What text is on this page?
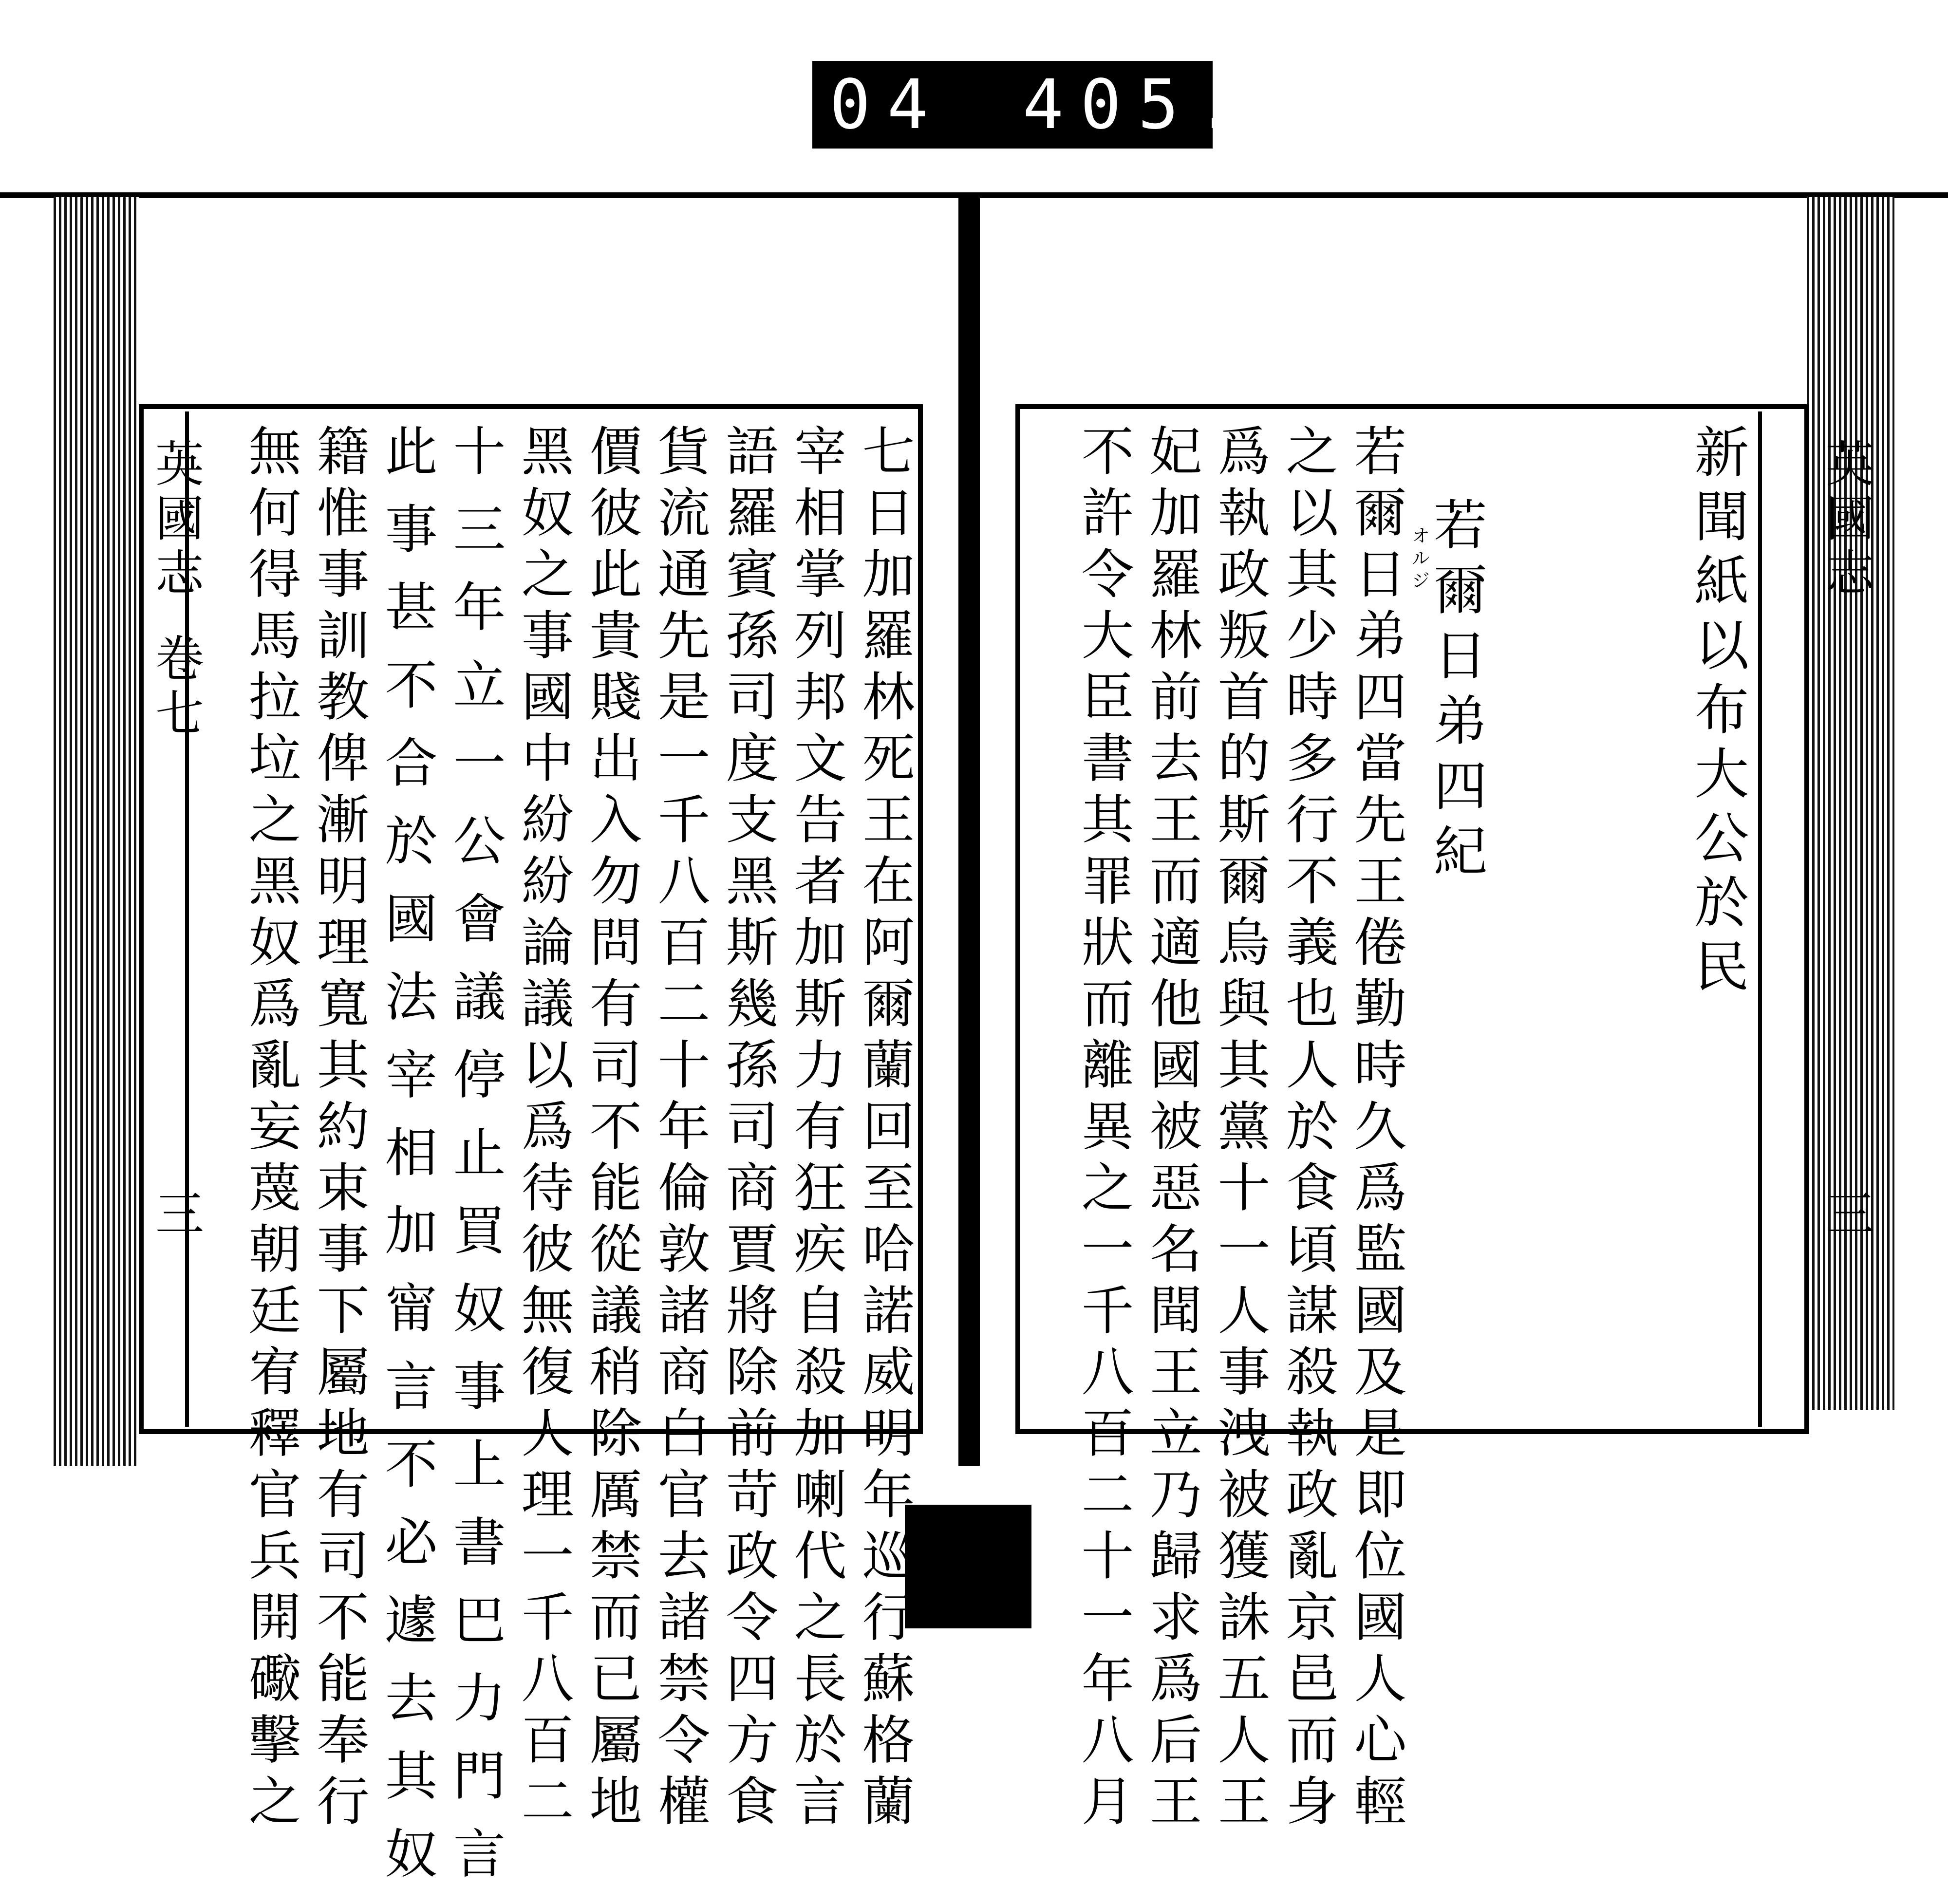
904 405.
英國志
卷七
三	七日加羅林死王在阿爾蘭回至哈諾威明年巡行蘇格蘭
宰相掌列邦文告者加斯力有狂疾自殺加喇代之長於言
語羅賓孫司度支黑斯幾孫司商賈將除前苛政令四方食
貨流通先是一千八百二十年倫敦諸商白官去諸禁令權
價彼此貴賤出入勿問有司不能從議稍除厲禁而已屬地
黑奴之事國中紛紛論議以爲待彼無復人理一千八百二
十三年立一公會議停止買奴事上書巴力門言
此事甚不合於國法宰相加甯言不必遽去其奴
籍惟事訓教俾漸明理寬其約束事下屬地有司不能奉行
無何得馬拉垃之黑奴爲亂妄蔑朝廷宥釋官兵開礮擊之	英國志
三
新聞紙以布大公於民
若爾日弟四紀
オルジ
若爾日弟四當先王倦勤時久爲監國及是即位國人心輕
之以其少時多行不義也人於食頃謀殺執政亂京邑而身
爲執政叛首的斯爾烏與其黨十一人事洩被獲誅五人王
妃加羅林前去王而適他國被惡名聞王立乃歸求爲后王
不許令大臣書其罪狀而離異之一千八百二十一年八月
